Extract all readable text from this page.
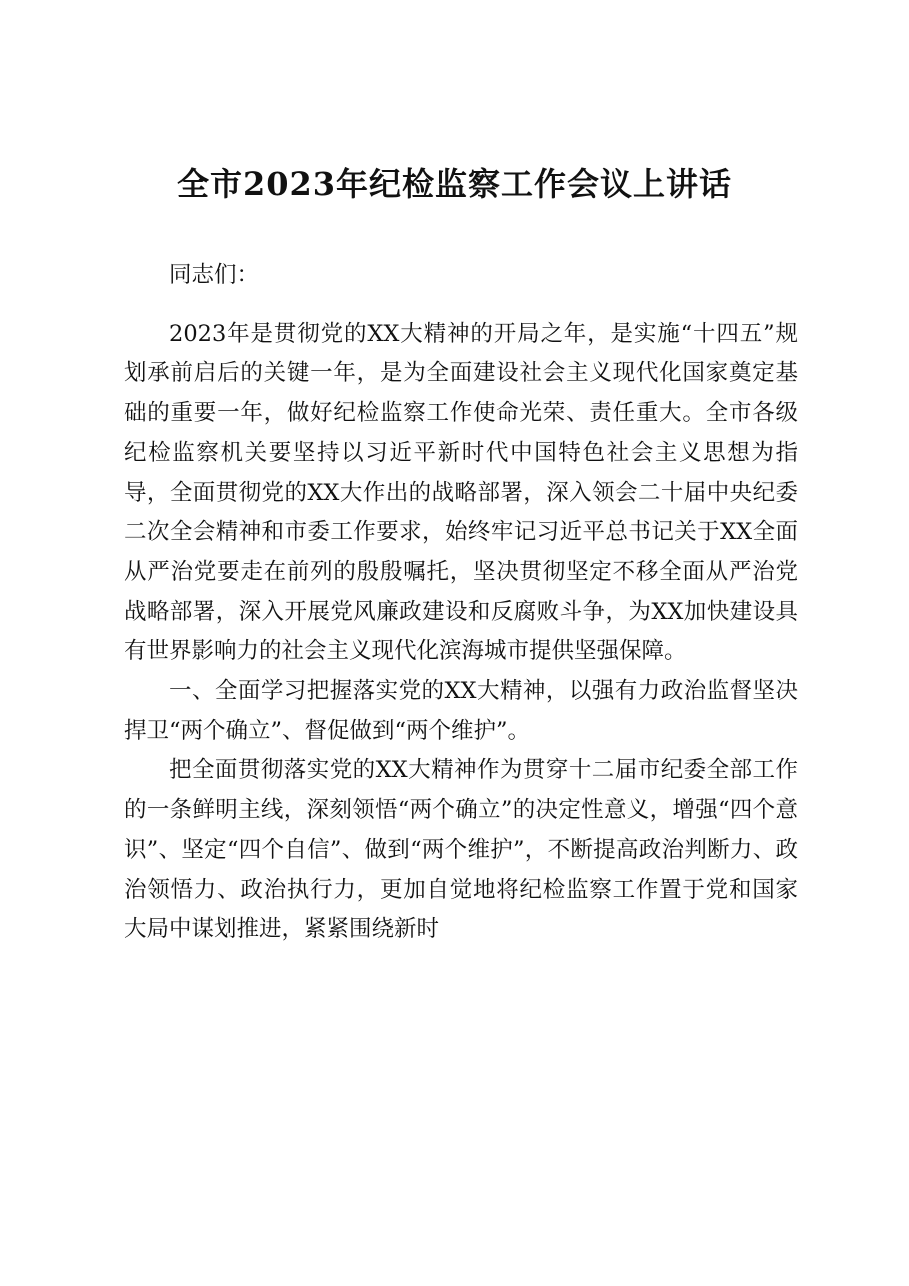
全市2023年纪检监察工作会议上讲话

同志们：

2023年是贯彻党的XX大精神的开局之年，是实施“十四五”规划承前启后的关键一年，是为全面建设社会主义现代化国家奠定基础的重要一年，做好纪检监察工作使命光荣、责任重大。全市各级纪检监察机关要坚持以习近平新时代中国特色社会主义思想为指导，全面贯彻党的XX大作出的战略部署，深入领会二十届中央纪委二次全会精神和市委工作要求，始终牢记习近平总书记关于XX全面从严治党要走在前列的殷殷嘱托，坚决贯彻坚定不移全面从严治党战略部署，深入开展党风廉政建设和反腐败斗争，为XX加快建设具有世界影响力的社会主义现代化滨海城市提供坚强保障。

一、全面学习把握落实党的XX大精神，以强有力政治监督坚决捍卫“两个确立”、督促做到“两个维护”。

把全面贯彻落实党的XX大精神作为贯穿十二届市纪委全部工作的一条鲜明主线，深刻领悟“两个确立”的决定性意义，增强“四个意识”、坚定“四个自信”、做到“两个维护”，不断提高政治判断力、政治领悟力、政治执行力，更加自觉地将纪检监察工作置于党和国家大局中谋划推进，紧紧围绕新时
